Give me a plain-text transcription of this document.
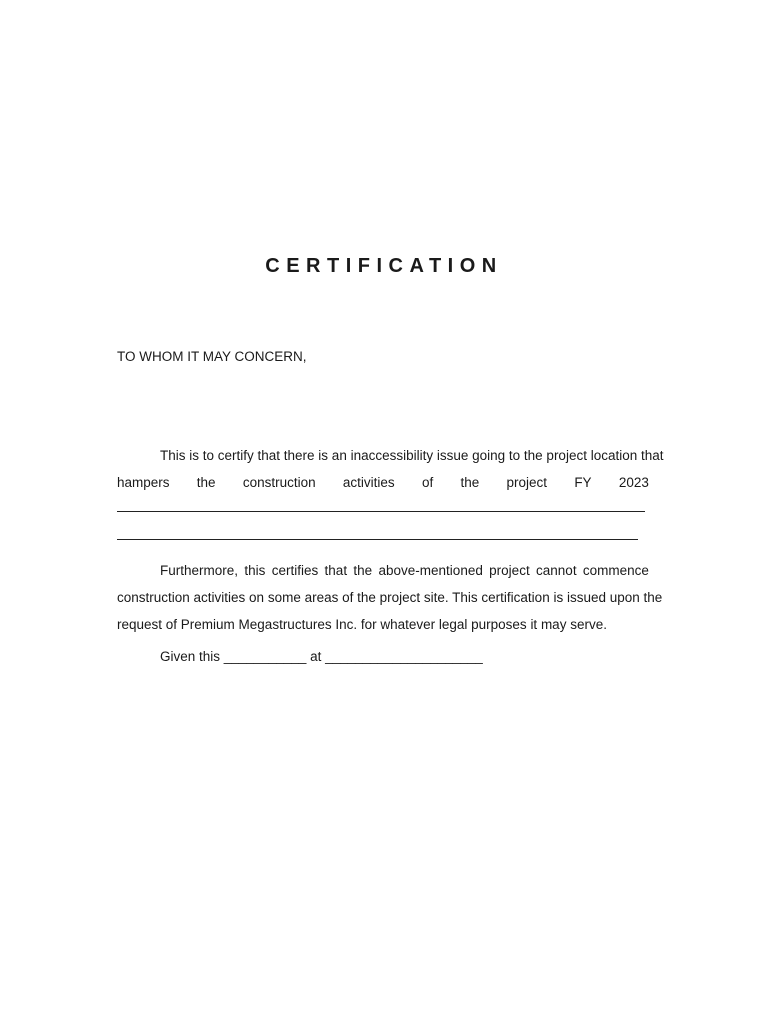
CERTIFICATION

TO WHOM IT MAY CONCERN,

This is to certify that there is an inaccessibility issue going to the project location that
hampers the construction activities of the project FY 2023
Furthermore, this certifies that the above-mentioned project cannot commence
construction activities on some areas of the project site. This certification is issued upon the
request of Premium Megastructures Inc. for whatever legal purposes it may serve.

Given this ___________ at _____________________
